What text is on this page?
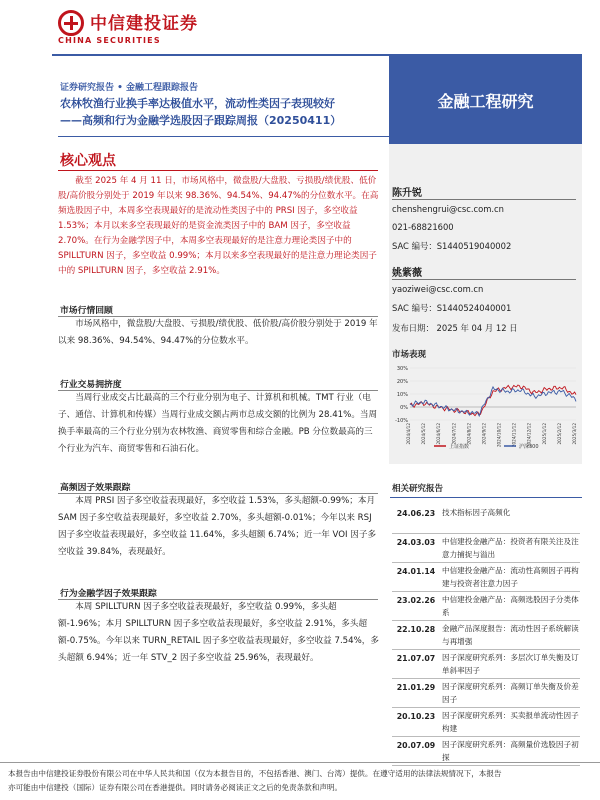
中信建投证券
CHINA SECURITIES
证券研究报告 • 金融工程跟踪报告
农林牧渔行业换手率达极值水平，流动性类因子表现较好
——高频和行为金融学选股因子跟踪周报（20250411）
金融工程研究
核心观点
截至 2025 年 4 月 11 日，市场风格中，微盘股/大盘股、亏损股/绩优股、低价股/高价股分别处于 2019 年以来 98.36%、94.54%、94.47%的分位数水平。在高频选股因子中，本周多空表现最好的是流动性类因子中的 PRSI 因子，多空收益 1.53%；本月以来多空表现最好的是资金流类因子中的 BAM 因子，多空收益 2.70%。在行为金融学因子中，本周多空表现最好的是注意力理论类因子中的 SPILLTURN 因子，多空收益 0.99%；本月以来多空表现最好的是注意力理论类因子中的 SPILLTURN 因子，多空收益 2.91%。
市场行情回顾
市场风格中，微盘股/大盘股、亏损股/绩优股、低价股/高价股分别处于 2019 年以来 98.36%、94.54%、94.47%的分位数水平。
行业交易拥挤度
当周行业成交占比最高的三个行业分别为电子、计算机和机械。TMT 行业（电子、通信、计算机和传媒）当周行业成交额占两市总成交额的比例为 28.41%。当周换手率最高的三个行业分别为农林牧渔、商贸零售和综合金融。PB 分位数最高的三个行业为汽车、商贸零售和石油石化。
高频因子效果跟踪
本周 PRSI 因子多空收益表现最好，多空收益 1.53%，多头超额-0.99%；本月 SAM 因子多空收益表现最好，多空收益 2.70%，多头超额-0.01%；今年以来 RSJ 因子多空收益表现最好，多空收益 11.64%，多头超额 6.74%；近一年 VOI 因子多空收益 39.84%，表现最好。
行为金融学因子效果跟踪
本周 SPILLTURN 因子多空收益表现最好，多空收益 0.99%，多头超额-1.96%；本月 SPILLTURN 因子多空收益表现最好，多空收益 2.91%，多头超额-0.75%。今年以来 TURN_RETAIL 因子多空收益表现最好，多空收益 7.54%，多头超额 6.94%；近一年 STV_2 因子多空收益 25.96%，表现最好。
陈升锐
chenshengrui@csc.com.cn
021-68821600
SAC 编号：S1440519040002
姚紫薇
yaoziwei@csc.com.cn
SAC 编号：S1440524040001
发布日期： 2025 年 04 月 12 日
市场表现
30%
20%
10%
0%
-10%
2024/4/12 2024/5/12 2024/6/12 2024/7/12 2024/8/12 2024/9/12 2024/10/12 2024/11/12 2024/12/12 2025/1/12 2025/2/12 2025/3/12
上证指数	沪深300
相关研究报告
24.06.23 技术指标因子高频化
24.03.03 中信建投金融产品：投资者有限关注及注意力捕捉与溢出
24.01.14 中信建投金融产品：流动性高频因子再构建与投资者注意力因子
23.02.26 中信建投金融产品：高频选股因子分类体系
22.10.28 金融产品深度报告：流动性因子系统解读与再增强
21.07.07 因子深度研究系列：多层次订单失衡及订单斜率因子
21.01.29 因子深度研究系列：高频订单失衡及价差因子
20.10.23 因子深度研究系列：买卖报单流动性因子构建
20.07.09 因子深度研究系列：高频量价选股因子初探
本报告由中信建投证券股份有限公司在中华人民共和国（仅为本报告目的，不包括香港、澳门、台湾）提供。在遵守适用的法律法规情况下，本报告
亦可能由中信建投（国际）证券有限公司在香港提供。同时请务必阅读正文之后的免责条款和声明。
